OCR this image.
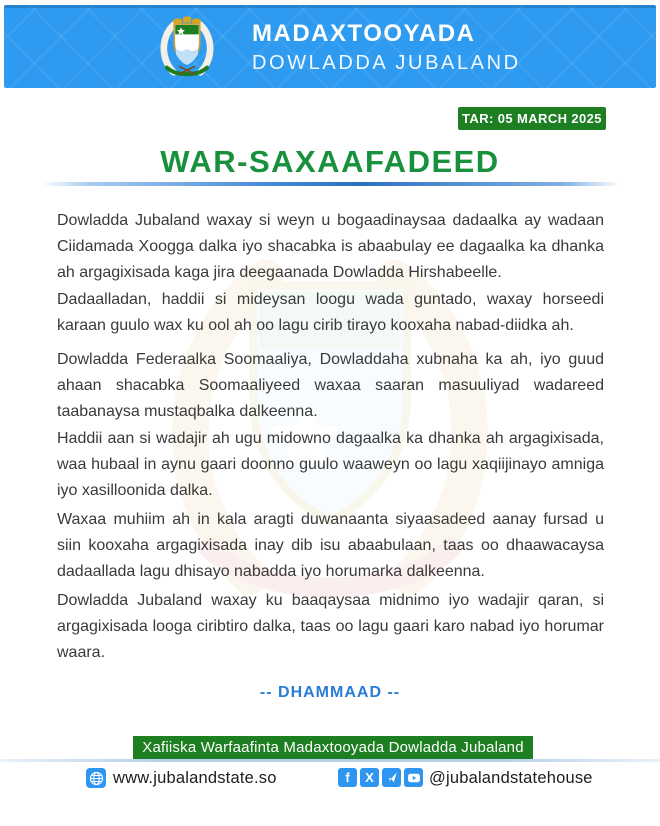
MADAXTOOYADA
DOWLADDA JUBALAND
TAR: 05 MARCH 2025
WAR-SAXAAFADEED

Dowladda Jubaland waxay si weyn u bogaadinaysaa dadaalka ay wadaan Ciidamada Xoogga dalka iyo shacabka is abaabulay ee dagaalka ka dhanka ah argagixisada kaga jira deegaanada Dowladda Hirshabeelle.

Dadaalladan, haddii si mideysan loogu wada guntado, waxay horseedi karaan guulo wax ku ool ah oo lagu cirib tirayo kooxaha nabad-diidka ah.

Dowladda Federaalka Soomaaliya, Dowladdaha xubnaha ka ah, iyo guud ahaan shacabka Soomaaliyeed waxaa saaran masuuliyad wadareed taabanaysa mustaqbalka dalkeenna.

Haddii aan si wadajir ah ugu midowno dagaalka ka dhanka ah argagixisada, waa hubaal in aynu gaari doonno guulo waaweyn oo lagu xaqiijinayo amniga iyo xasilloonida dalka.

Waxaa muhiim ah in kala aragti duwanaanta siyaasadeed aanay fursad u siin kooxaha argagixisada inay dib isu abaabulaan, taas oo dhaawacaysa dadaallada lagu dhisayo nabadda iyo horumarka dalkeenna.

Dowladda Jubaland waxay ku baaqaysaa midnimo iyo wadajir qaran, si argagixisada looga ciribtiro dalka, taas oo lagu gaari karo nabad iyo horumar waara.

-- DHAMMAAD --
Xafiiska Warfaafinta Madaxtooyada Dowladda Jubaland
www.jubalandstate.so	f	X	@jubalandstatehouse
